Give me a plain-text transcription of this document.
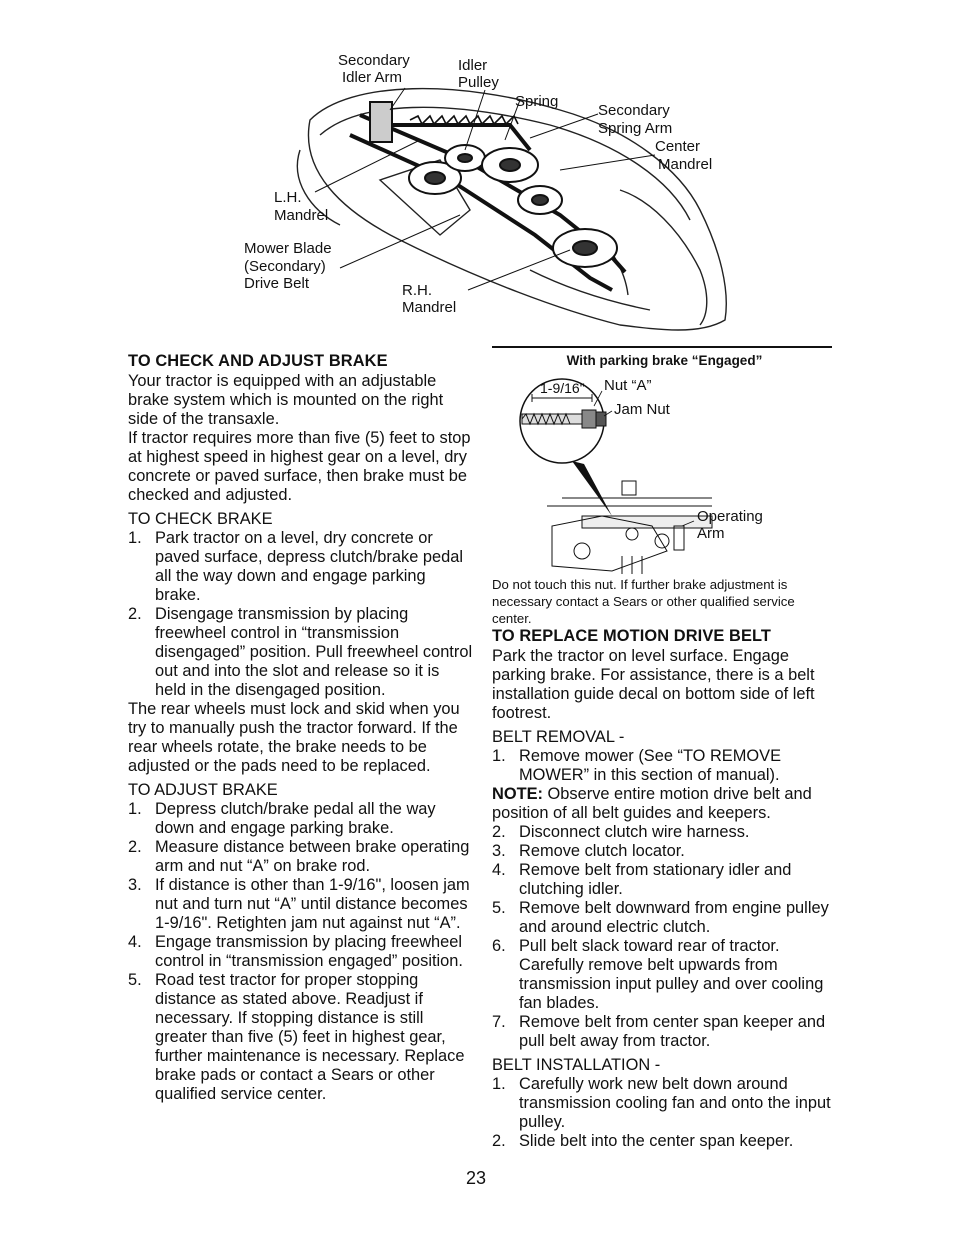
Secondary
Idler Arm
Idler
Pulley
Spring
Secondary
Spring Arm
Center
Mandrel
L.H.
Mandrel
Mower Blade
(Secondary)
Drive Belt	R.H.
Mandrel
TO CHECK AND ADJUST BRAKE

Your tractor is equipped with an adjustable brake system which is mounted on the right side of the transaxle.

If tractor requires more than five (5) feet to stop at highest speed in highest gear on a level, dry concrete or paved surface, then brake must be checked and adjusted.

TO CHECK BRAKE

1. Park tractor on a level, dry concrete or paved surface, depress clutch/brake pedal all the way down and engage parking brake.
2. Disengage transmission by placing freewheel control in “transmission disengaged” position. Pull freewheel control out and into the slot and release so it is held in the disengaged position.

The rear wheels must lock and skid when you try to manually push the tractor forward. If the rear wheels rotate, the brake needs to be adjusted or the pads need to be replaced.

TO ADJUST BRAKE

1. Depress clutch/brake pedal all the way down and engage parking brake.
2. Measure distance between brake operating arm and nut “A” on brake rod.
3. If distance is other than 1-9/16", loosen jam nut and turn nut “A” until distance becomes 1-9/16". Retighten jam nut against nut “A”.
4. Engage transmission by placing freewheel control in “transmission engaged” position.
5. Road test tractor for proper stopping distance as stated above. Readjust if necessary. If stopping distance is still greater than five (5) feet in highest gear, further maintenance is necessary. Replace brake pads or contact a Sears or other qualified service center.
With parking brake “Engaged”
1-9/16" Nut “A”
Jam Nut
Operating
Arm

Do not touch this nut. If further brake adjustment is necessary contact a Sears or other qualified service center.

TO REPLACE MOTION DRIVE BELT

Park the tractor on level surface. Engage parking brake. For assistance, there is a belt installation guide decal on bottom side of left footrest.

BELT REMOVAL -

1. Remove mower (See “TO REMOVE MOWER” in this section of manual).

NOTE: Observe entire motion drive belt and position of all belt guides and keepers.

2. Disconnect clutch wire harness.
3. Remove clutch locator.
4. Remove belt from stationary idler and clutching idler.
5. Remove belt downward from engine pulley and around electric clutch.
6. Pull belt slack toward rear of tractor. Carefully remove belt upwards from transmission input pulley and over cooling fan blades.
7. Remove belt from center span keeper and pull belt away from tractor.

BELT INSTALLATION -

1. Carefully work new belt down around transmission cooling fan and onto the input pulley.
2. Slide belt into the center span keeper.
23
